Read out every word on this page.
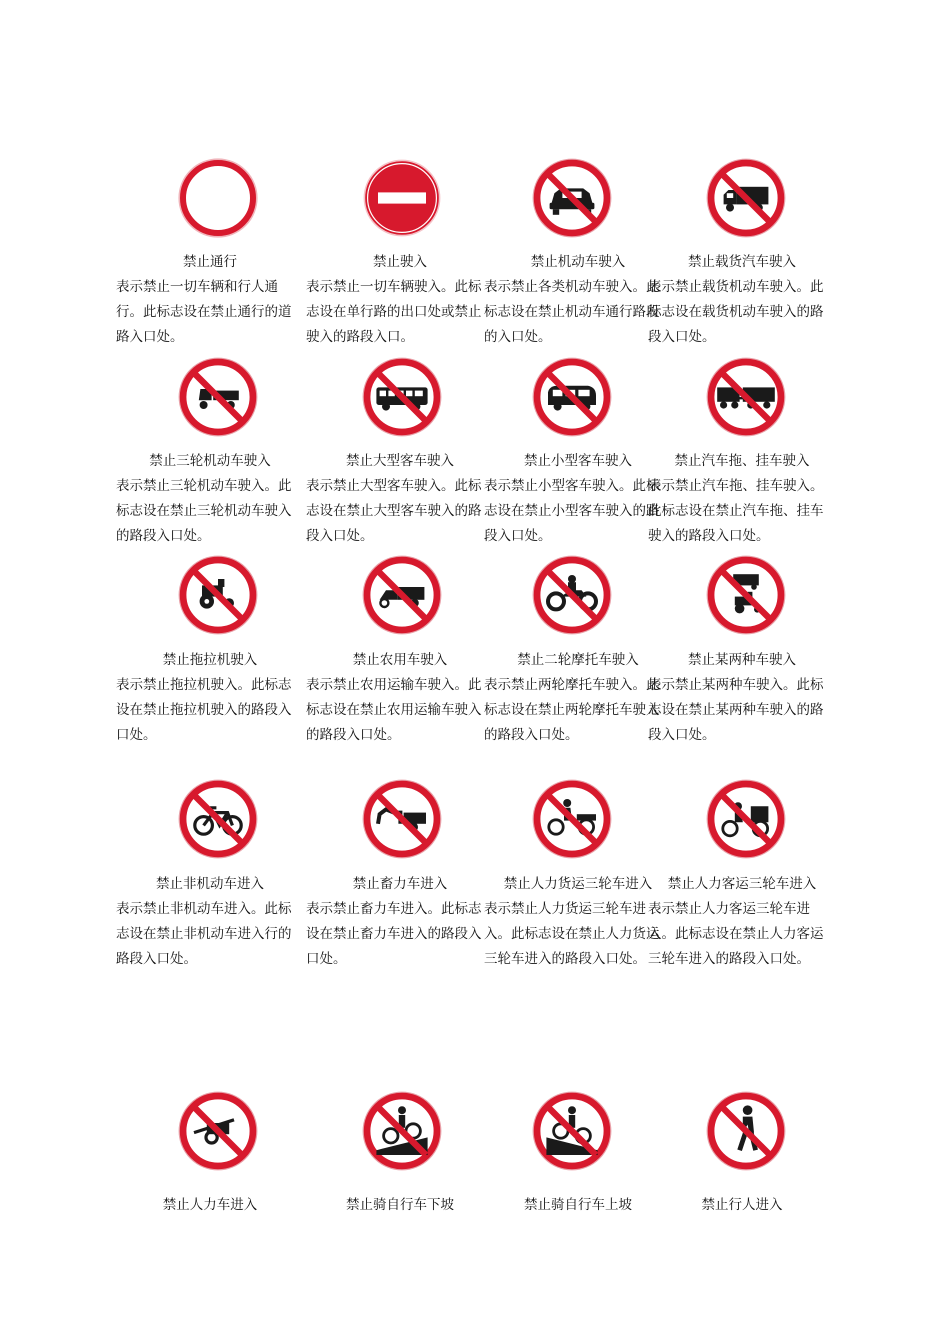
禁止通行
表示禁止一切车辆和行人通行。此标志设在禁止通行的道路入口处。
禁止驶入
表示禁止一切车辆驶入。此标志设在单行路的出口处或禁止驶入的路段入口。
禁止机动车驶入
表示禁止各类机动车驶入。此标志设在禁止机动车通行路段的入口处。
禁止载货汽车驶入
表示禁止载货机动车驶入。此标志设在载货机动车驶入的路段入口处。
禁止三轮机动车驶入
表示禁止三轮机动车驶入。此标志设在禁止三轮机动车驶入的路段入口处。
禁止大型客车驶入
表示禁止大型客车驶入。此标志设在禁止大型客车驶入的路段入口处。
禁止小型客车驶入
表示禁止小型客车驶入。此标志设在禁止小型客车驶入的路段入口处。
禁止汽车拖、挂车驶入
表示禁止汽车拖、挂车驶入。此标志设在禁止汽车拖、挂车驶入的路段入口处。
禁止拖拉机驶入
表示禁止拖拉机驶入。此标志设在禁止拖拉机驶入的路段入口处。
禁止农用车驶入
表示禁止农用运输车驶入。此标志设在禁止农用运输车驶入的路段入口处。
禁止二轮摩托车驶入
表示禁止两轮摩托车驶入。此标志设在禁止两轮摩托车驶入的路段入口处。
禁止某两种车驶入
表示禁止某两种车驶入。此标志设在禁止某两种车驶入的路段入口处。
禁止非机动车进入
表示禁止非机动车进入。此标志设在禁止非机动车进入行的路段入口处。
禁止畜力车进入
表示禁止畜力车进入。此标志设在禁止畜力车进入的路段入口处。
禁止人力货运三轮车进入
表示禁止人力货运三轮车进入。此标志设在禁止人力货运三轮车进入的路段入口处。
禁止人力客运三轮车进入
表示禁止人力客运三轮车进入。此标志设在禁止人力客运三轮车进入的路段入口处。
禁止人力车进入	禁止骑自行车下坡	禁止骑自行车上坡	禁止行人进入
